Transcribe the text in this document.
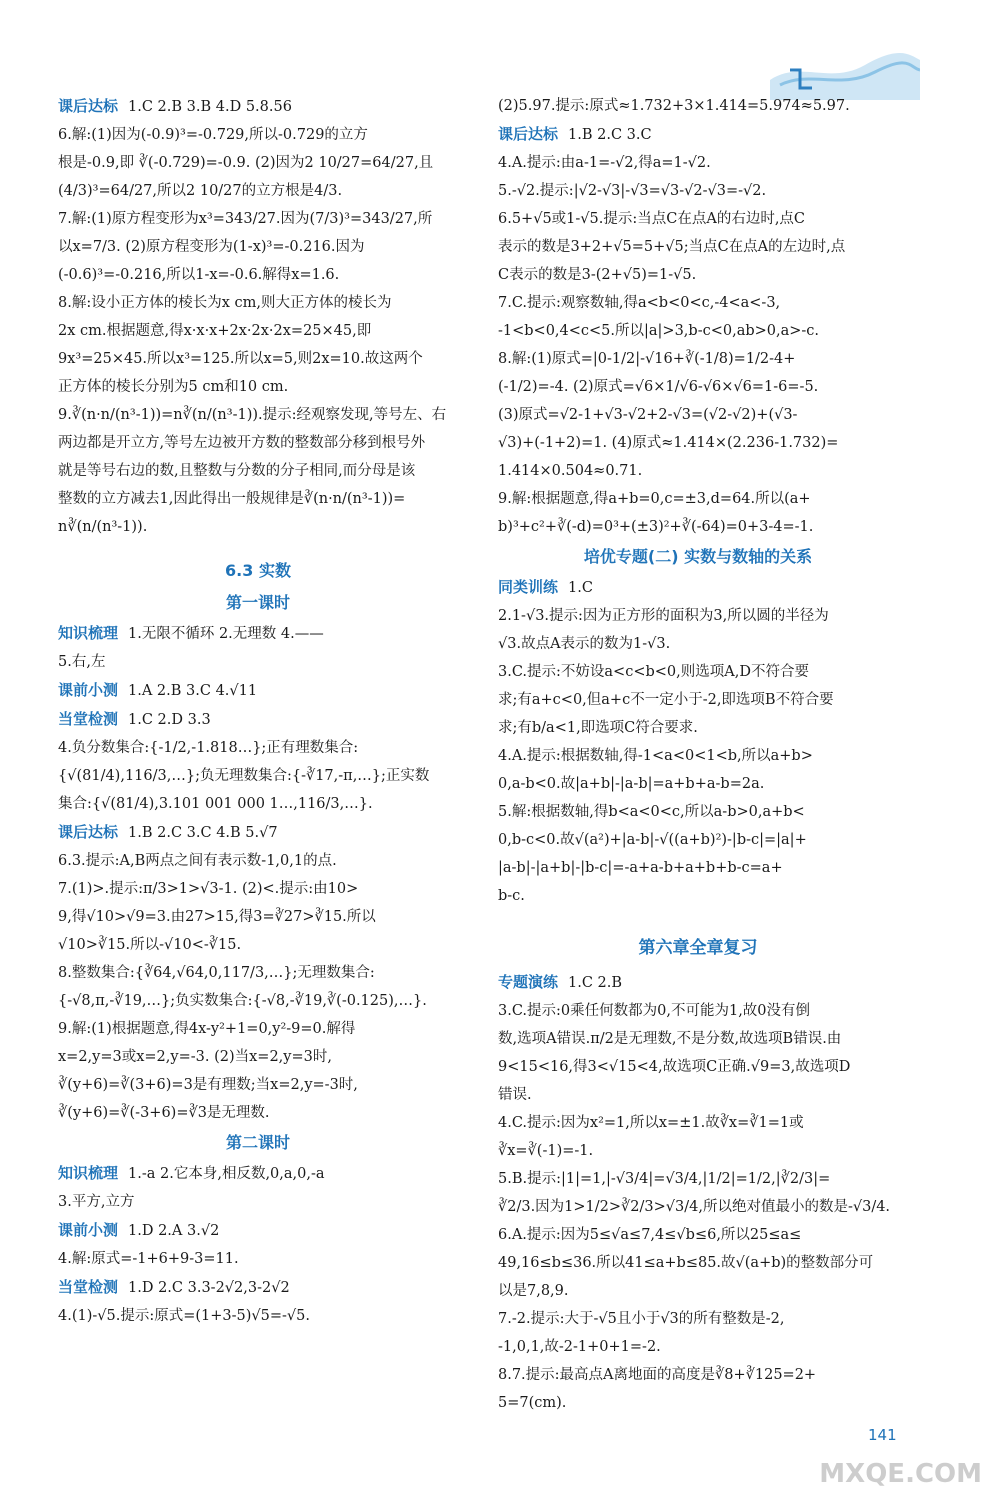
课后达标 1.C 2.B 3.B 4.D 5.8.56
6.解:(1)因为(-0.9)³=-0.729,所以-0.729的立方
根是-0.9,即 ∛(-0.729)=-0.9. (2)因为2 10/27=64/27,且
(4/3)³=64/27,所以2 10/27的立方根是4/3.
7.解:(1)原方程变形为x³=343/27.因为(7/3)³=343/27,所
以x=7/3. (2)原方程变形为(1-x)³=-0.216.因为
(-0.6)³=-0.216,所以1-x=-0.6.解得x=1.6.
8.解:设小正方体的棱长为x cm,则大正方体的棱长为
2x cm.根据题意,得x·x·x+2x·2x·2x=25×45,即
9x³=25×45.所以x³=125.所以x=5,则2x=10.故这两个
正方体的棱长分别为5 cm和10 cm.
9.∛(n·n/(n³-1))=n∛(n/(n³-1)).提示:经观察发现,等号左、右
两边都是开立方,等号左边被开方数的整数部分移到根号外
就是等号右边的数,且整数与分数的分子相同,而分母是该
整数的立方减去1,因此得出一般规律是∛(n·n/(n³-1))=
n∛(n/(n³-1)).
6.3 实数
第一课时
知识梳理 1.无限不循环 2.无理数 4.——
5.右,左
课前小测 1.A 2.B 3.C 4.√11
当堂检测 1.C 2.D 3.3
4.负分数集合:{-1/2,-1.818…};正有理数集合:
{√(81/4),116/3,…};负无理数集合:{-∛17,-π,…};正实数
集合:{√(81/4),3.101 001 000 1…,116/3,…}.
课后达标 1.B 2.C 3.C 4.B 5.√7
6.3.提示:A,B两点之间有表示数-1,0,1的点.
7.(1)>.提示:π/3>1>√3-1. (2)<.提示:由10>
9,得√10>√9=3.由27>15,得3=∛27>∛15.所以
√10>∛15.所以-√10<-∛15.
8.整数集合:{∛64,√64,0,117/3,…};无理数集合:
{-√8,π,-∛19,…};负实数集合:{-√8,-∛19,∛(-0.125),…}.
9.解:(1)根据题意,得4x-y²+1=0,y²-9=0.解得
x=2,y=3或x=2,y=-3. (2)当x=2,y=3时,
∛(y+6)=∛(3+6)=3是有理数;当x=2,y=-3时,
∛(y+6)=∛(-3+6)=∛3是无理数.
第二课时
知识梳理 1.-a 2.它本身,相反数,0,a,0,-a
3.平方,立方
课前小测 1.D 2.A 3.√2
4.解:原式=-1+6+9-3=11.
当堂检测 1.D 2.C 3.3-2√2,3-2√2
4.(1)-√5.提示:原式=(1+3-5)√5=-√5.
(2)5.97.提示:原式≈1.732+3×1.414=5.974≈5.97.
课后达标 1.B 2.C 3.C
4.A.提示:由a-1=-√2,得a=1-√2.
5.-√2.提示:|√2-√3|-√3=√3-√2-√3=-√2.
6.5+√5或1-√5.提示:当点C在点A的右边时,点C
表示的数是3+2+√5=5+√5;当点C在点A的左边时,点
C表示的数是3-(2+√5)=1-√5.
7.C.提示:观察数轴,得a<b<0<c,-4<a<-3,
-1<b<0,4<c<5.所以|a|>3,b-c<0,ab>0,a>-c.
8.解:(1)原式=|0-1/2|-√16+∛(-1/8)=1/2-4+
(-1/2)=-4. (2)原式=√6×1/√6-√6×√6=1-6=-5.
(3)原式=√2-1+√3-√2+2-√3=(√2-√2)+(√3-
√3)+(-1+2)=1. (4)原式≈1.414×(2.236-1.732)=
1.414×0.504≈0.71.
9.解:根据题意,得a+b=0,c=±3,d=64.所以(a+
b)³+c²+∛(-d)=0³+(±3)²+∛(-64)=0+3-4=-1.
培优专题(二) 实数与数轴的关系
同类训练 1.C
2.1-√3.提示:因为正方形的面积为3,所以圆的半径为
√3.故点A表示的数为1-√3.
3.C.提示:不妨设a<c<b<0,则选项A,D不符合要
求;有a+c<0,但a+c不一定小于-2,即选项B不符合要
求;有b/a<1,即选项C符合要求.
4.A.提示:根据数轴,得-1<a<0<1<b,所以a+b>
0,a-b<0.故|a+b|-|a-b|=a+b+a-b=2a.
5.解:根据数轴,得b<a<0<c,所以a-b>0,a+b<
0,b-c<0.故√(a²)+|a-b|-√((a+b)²)-|b-c|=|a|+
|a-b|-|a+b|-|b-c|=-a+a-b+a+b+b-c=a+
b-c.
第六章全章复习
专题演练 1.C 2.B
3.C.提示:0乘任何数都为0,不可能为1,故0没有倒
数,选项A错误.π/2是无理数,不是分数,故选项B错误.由
9<15<16,得3<√15<4,故选项C正确.√9=3,故选项D
错误.
4.C.提示:因为x²=1,所以x=±1.故∛x=∛1=1或
∛x=∛(-1)=-1.
5.B.提示:|1|=1,|-√3/4|=√3/4,|1/2|=1/2,|∛2/3|=
∛2/3.因为1>1/2>∛2/3>√3/4,所以绝对值最小的数是-√3/4.
6.A.提示:因为5≤√a≤7,4≤√b≤6,所以25≤a≤
49,16≤b≤36.所以41≤a+b≤85.故√(a+b)的整数部分可
以是7,8,9.
7.-2.提示:大于-√5且小于√3的所有整数是-2,
-1,0,1,故-2-1+0+1=-2.
8.7.提示:最高点A离地面的高度是∛8+∛125=2+
5=7(cm).
141
MXQE.COM
